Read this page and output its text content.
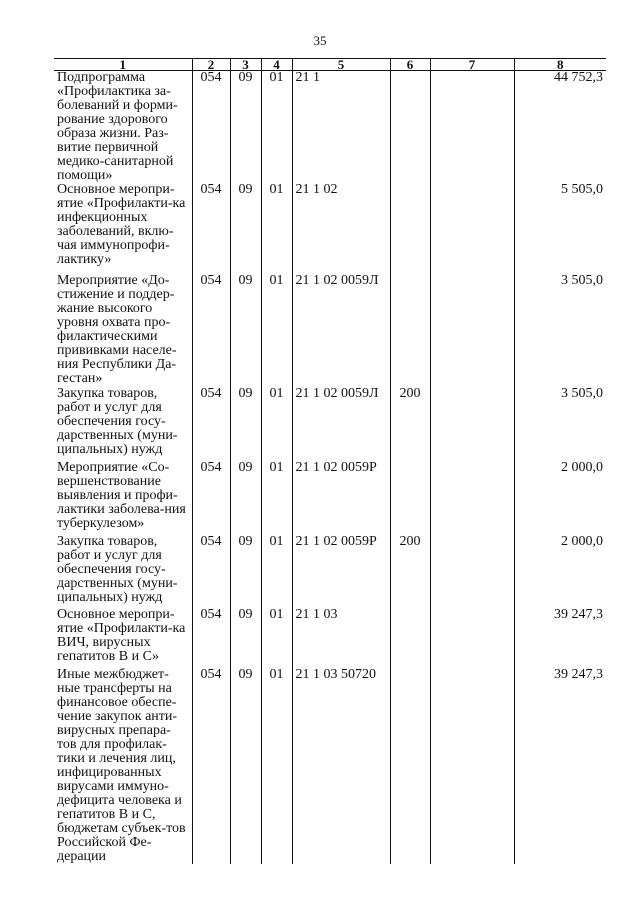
35
1	2	3	4	5	6	7	8
Подпрограмма «Профилактика за-болеваний и форми-рование здорового образа жизни. Раз-витие первичной медико-санитарной помощи»	054	09	01	21 1			44 752,3
Основное меропри-ятие «Профилакти-ка инфекционных заболеваний, вклю-чая иммунопрофи-лактику»	054	09	01	21 1 02			5 505,0
Мероприятие «До-стижение и поддер-жание высокого уровня охвата про-филактическими прививками населе-ния Республики Да-гестан»	054	09	01	21 1 02 0059Л			3 505,0
Закупка товаров, работ и услуг для обеспечения госу-дарственных (муни-ципальных) нужд	054	09	01	21 1 02 0059Л	200		3 505,0
Мероприятие «Со-вершенствование выявления и профи-лактики заболева-ния туберкулезом»	054	09	01	21 1 02 0059Р			2 000,0
Закупка товаров, работ и услуг для обеспечения госу-дарственных (муни-ципальных) нужд	054	09	01	21 1 02 0059Р	200		2 000,0
Основное меропри-ятие «Профилакти-ка ВИЧ, вирусных гепатитов В и С»	054	09	01	21 1 03			39 247,3
Иные межбюджет-ные трансферты на финансовое обеспе-чение закупок анти-вирусных препара-тов для профилак-тики и лечения лиц, инфицированных вирусами иммуно-дефицита человека и гепатитов В и С, бюджетам субъек-тов Российской Фе-дерации	054	09	01	21 1 03 50720			39 247,3
